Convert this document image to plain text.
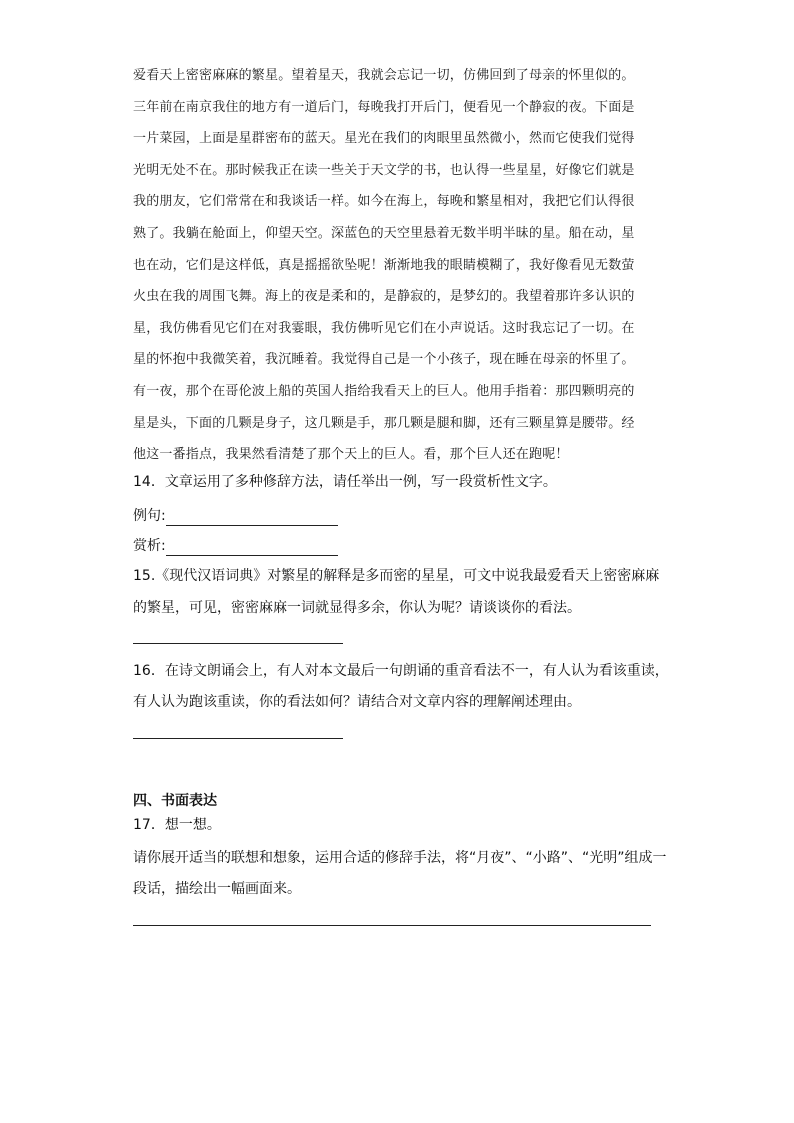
爱看天上密密麻麻的繁星。望着星天，我就会忘记一切，仿佛回到了母亲的怀里似的。
三年前在南京我住的地方有一道后门，每晚我打开后门，便看见一个静寂的夜。下面是
一片菜园，上面是星群密布的蓝天。星光在我们的肉眼里虽然微小，然而它使我们觉得
光明无处不在。那时候我正在读一些关于天文学的书，也认得一些星星，好像它们就是
我的朋友，它们常常在和我谈话一样。如今在海上，每晚和繁星相对，我把它们认得很
熟了。我躺在舱面上，仰望天空。深蓝色的天空里悬着无数半明半昧的星。船在动，星
也在动，它们是这样低，真是摇摇欲坠呢！渐渐地我的眼睛模糊了，我好像看见无数萤
火虫在我的周围飞舞。海上的夜是柔和的，是静寂的，是梦幻的。我望着那许多认识的
星，我仿佛看见它们在对我霎眼，我仿佛听见它们在小声说话。这时我忘记了一切。在
星的怀抱中我微笑着，我沉睡着。我觉得自己是一个小孩子，现在睡在母亲的怀里了。
有一夜，那个在哥伦波上船的英国人指给我看天上的巨人。他用手指着：那四颗明亮的
星是头，下面的几颗是身子，这几颗是手，那几颗是腿和脚，还有三颗星算是腰带。经
他这一番指点，我果然看清楚了那个天上的巨人。看，那个巨人还在跑呢！
14．文章运用了多种修辞方法，请任举出一例，写一段赏析性文字。
例句:
赏析:
15.《现代汉语词典》对繁星的解释是多而密的星星，可文中说我最爱看天上密密麻麻
的繁星，可见，密密麻麻一词就显得多余，你认为呢？请谈谈你的看法。
16．在诗文朗诵会上，有人对本文最后一句朗诵的重音看法不一，有人认为看该重读，
有人认为跑该重读，你的看法如何？请结合对文章内容的理解阐述理由。
四、书面表达
17．想一想。
请你展开适当的联想和想象，运用合适的修辞手法，将“月夜”、“小路”、“光明”组成一
段话，描绘出一幅画面来。
